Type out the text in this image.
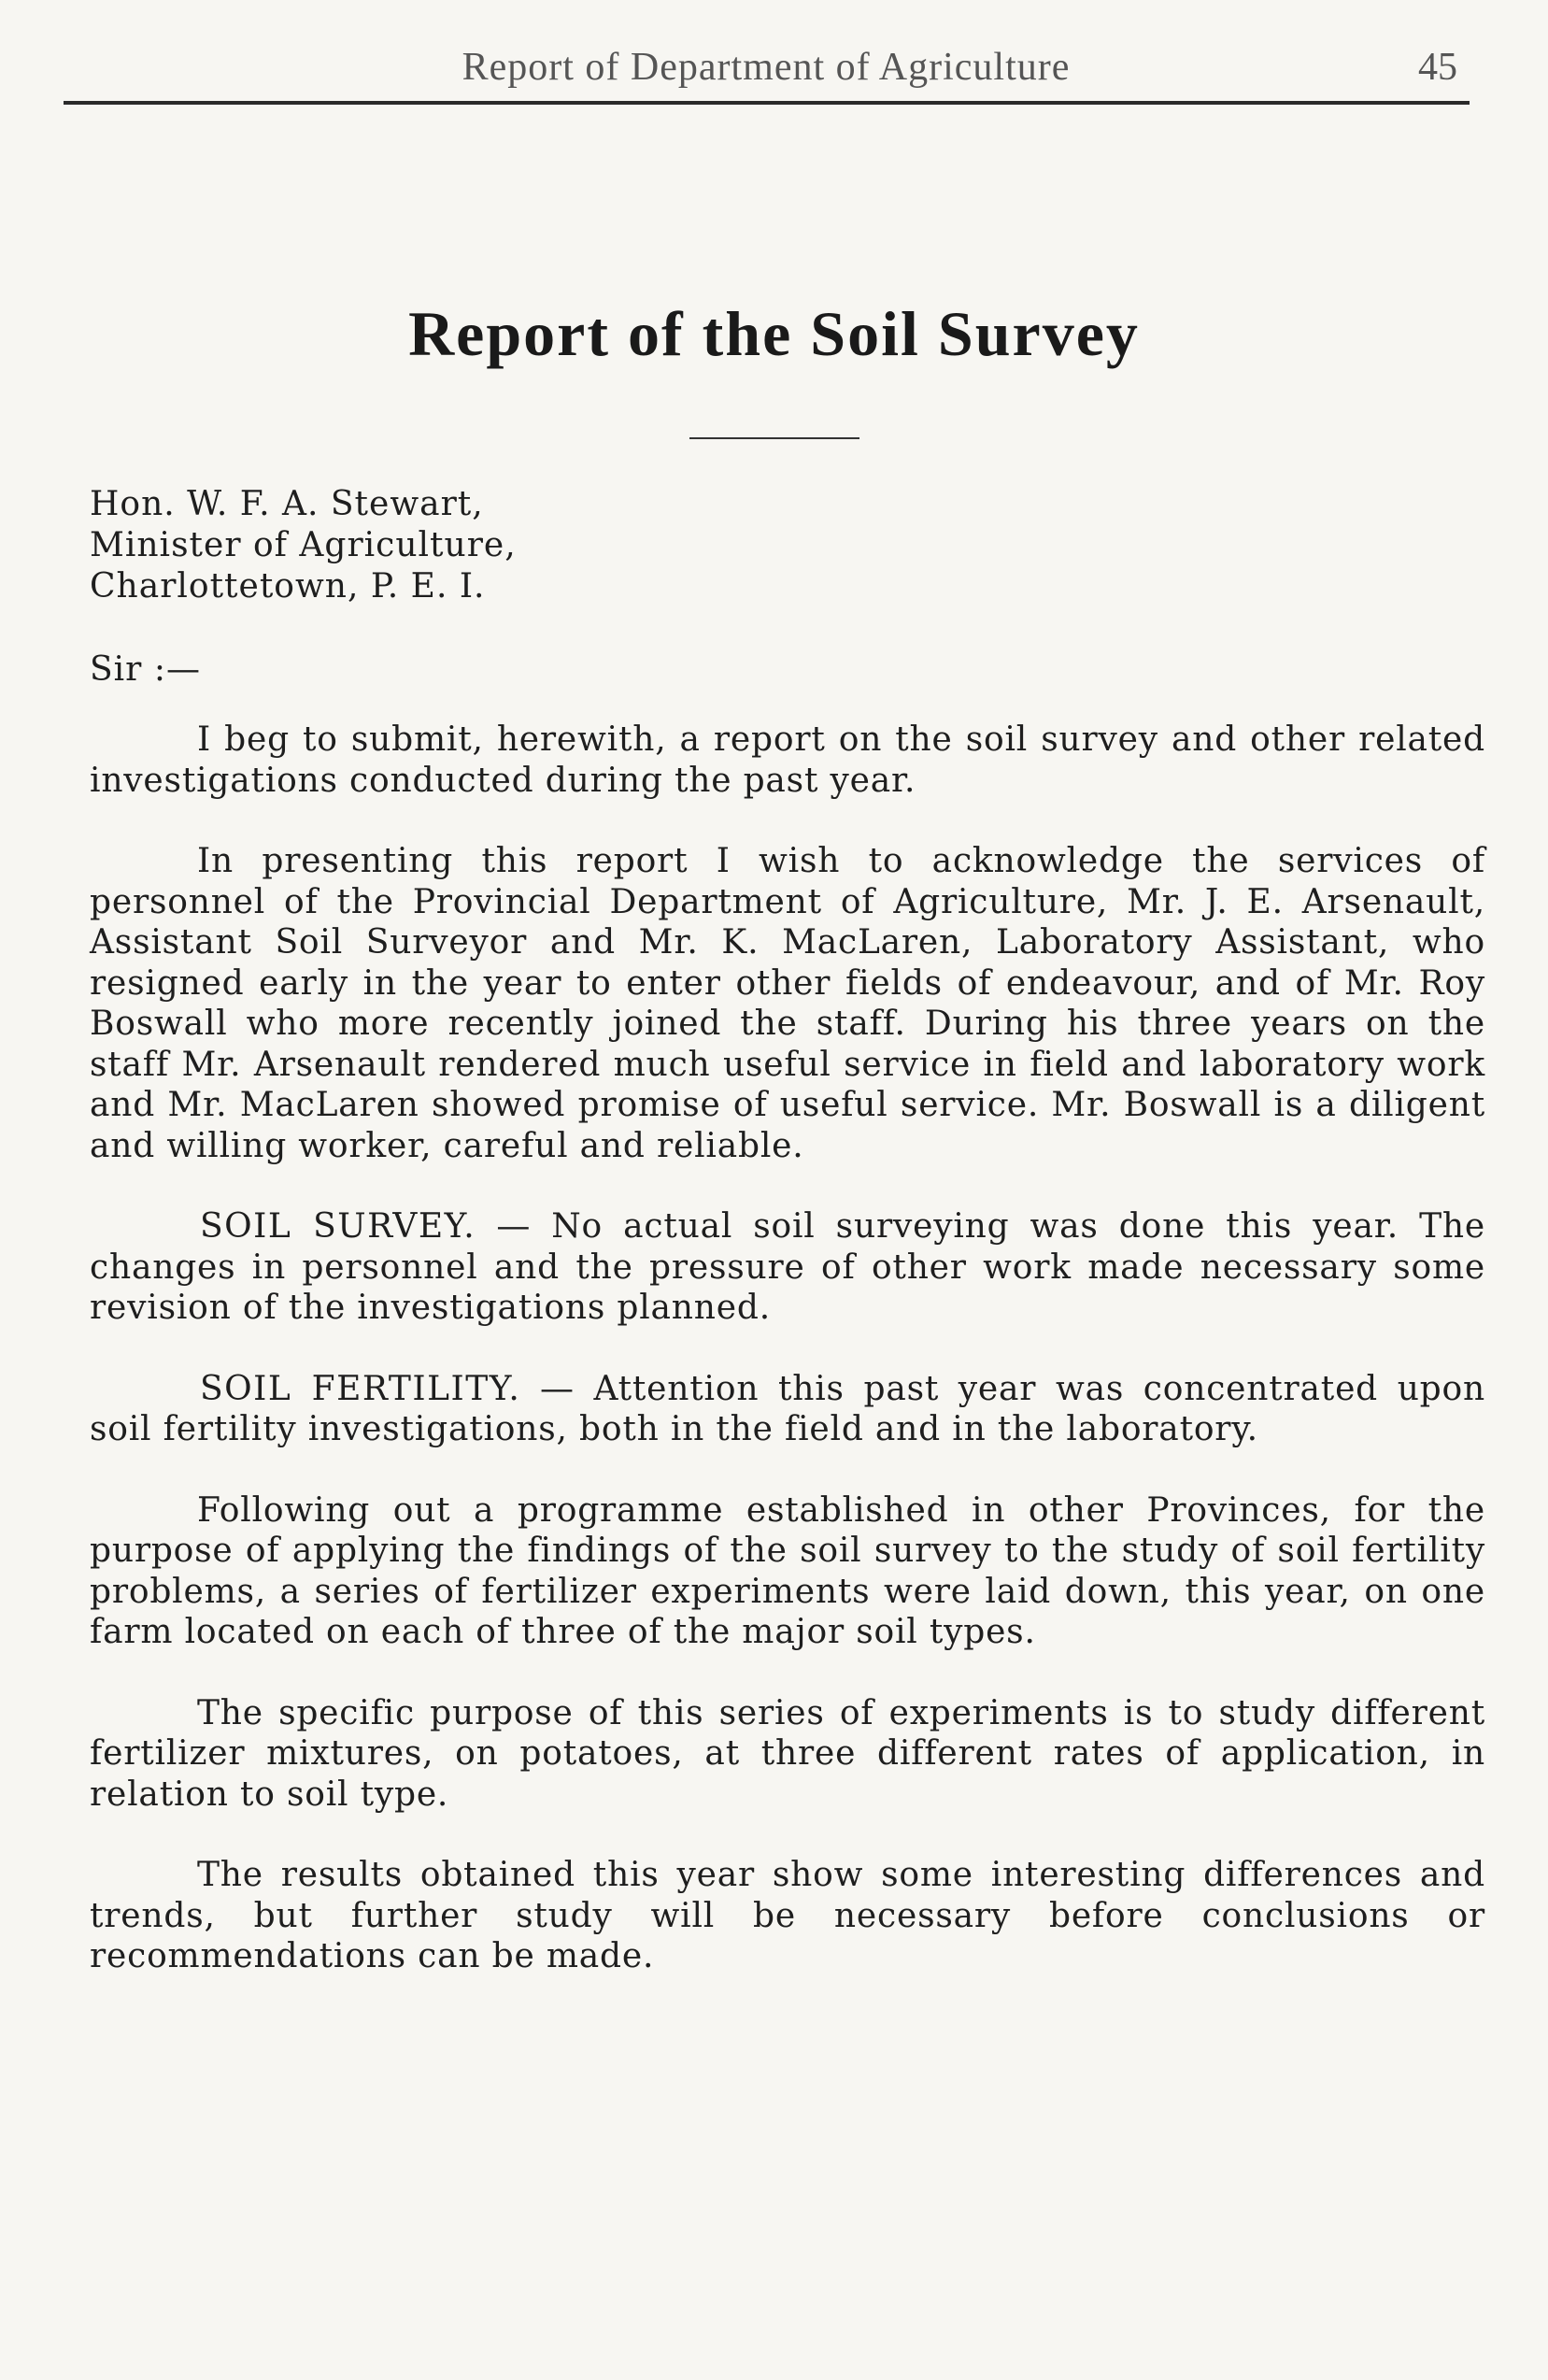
Report of Department of Agriculture	45
Report of the Soil Survey
Hon. W. F. A. Stewart,
Minister of Agriculture,
Charlottetown, P. E. I.
Sir :—

I beg to submit, herewith, a report on the soil survey and other related investigations conducted during the past year.

In presenting this report I wish to acknowledge the services of personnel of the Provincial Department of Agriculture, Mr. J. E. Arsenault, Assistant Soil Surveyor and Mr. K. MacLaren, Laboratory Assistant, who resigned early in the year to enter other fields of endeavour, and of Mr. Roy Boswall who more recently joined the staff. During his three years on the staff Mr. Arsenault rendered much useful service in field and laboratory work and Mr. MacLaren showed promise of useful service. Mr. Boswall is a diligent and willing worker, careful and reliable.

SOIL SURVEY. — No actual soil surveying was done this year. The changes in personnel and the pressure of other work made necessary some revision of the investigations planned.

SOIL FERTILITY. — Attention this past year was concentrated upon soil fertility investigations, both in the field and in the laboratory.

Following out a programme established in other Provinces, for the purpose of applying the findings of the soil survey to the study of soil fertility problems, a series of fertilizer experiments were laid down, this year, on one farm located on each of three of the major soil types.

The specific purpose of this series of experiments is to study different fertilizer mixtures, on potatoes, at three different rates of application, in relation to soil type.

The results obtained this year show some interesting differences and trends, but further study will be necessary before conclusions or recommendations can be made.
